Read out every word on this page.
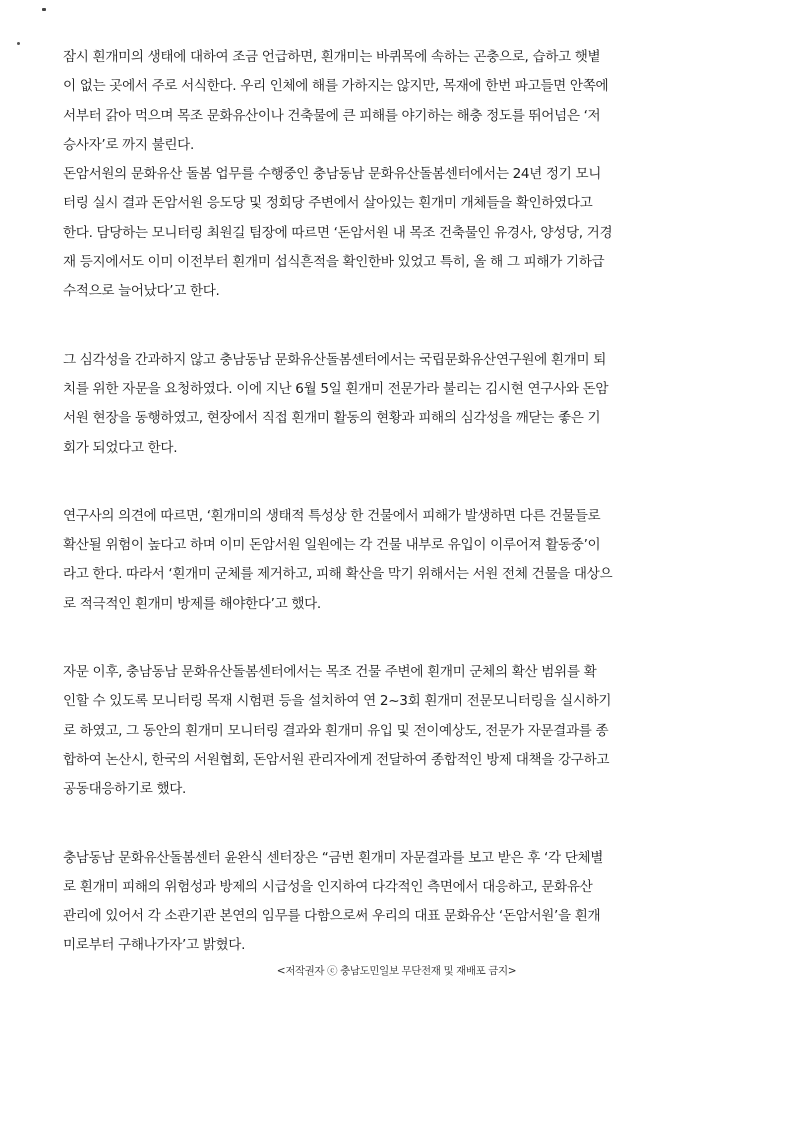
잠시 흰개미의 생태에 대하여 조금 언급하면, 흰개미는 바퀴목에 속하는 곤충으로, 습하고 햇볕
이 없는 곳에서 주로 서식한다. 우리 인체에 해를 가하지는 않지만, 목재에 한번 파고들면 안쪽에
서부터 갉아 먹으며 목조 문화유산이나 건축물에 큰 피해를 야기하는 해충 정도를 뛰어넘은 ‘저
승사자’로 까지 불린다.
돈암서원의 문화유산 돌봄 업무를 수행중인 충남동남 문화유산돌봄센터에서는 24년 정기 모니
터링 실시 결과 돈암서원 응도당 및 정회당 주변에서 살아있는 흰개미 개체들을 확인하였다고
한다. 담당하는 모니터링 최원길 팀장에 따르면 ‘돈암서원 내 목조 건축물인 유경사, 양성당, 거경
재 등지에서도 이미 이전부터 흰개미 섭식흔적을 확인한바 있었고 특히, 올 해 그 피해가 기하급
수적으로 늘어났다’고 한다.

그 심각성을 간과하지 않고 충남동남 문화유산돌봄센터에서는 국립문화유산연구원에 흰개미 퇴
치를 위한 자문을 요청하였다. 이에 지난 6월 5일 흰개미 전문가라 불리는 김시현 연구사와 돈암
서원 현장을 동행하였고, 현장에서 직접 흰개미 활동의 현황과 피해의 심각성을 깨닫는 좋은 기
회가 되었다고 한다.

연구사의 의견에 따르면, ‘흰개미의 생태적 특성상 한 건물에서 피해가 발생하면 다른 건물들로
확산될 위험이 높다고 하며 이미 돈암서원 일원에는 각 건물 내부로 유입이 이루어져 활동중’이
라고 한다. 따라서 ‘흰개미 군체를 제거하고, 피해 확산을 막기 위해서는 서원 전체 건물을 대상으
로 적극적인 흰개미 방제를 해야한다’고 했다.

자문 이후, 충남동남 문화유산돌봄센터에서는 목조 건물 주변에 흰개미 군체의 확산 범위를 확
인할 수 있도록 모니터링 목재 시험편 등을 설치하여 연 2~3회 흰개미 전문모니터링을 실시하기
로 하였고, 그 동안의 흰개미 모니터링 결과와 흰개미 유입 및 전이예상도, 전문가 자문결과를 종
합하여 논산시, 한국의 서원협회, 돈암서원 관리자에게 전달하여 종합적인 방제 대책을 강구하고
공동대응하기로 했다.

충남동남 문화유산돌봄센터 윤완식 센터장은 “금번 흰개미 자문결과를 보고 받은 후 ‘각 단체별
로 흰개미 피해의 위험성과 방제의 시급성을 인지하여 다각적인 측면에서 대응하고, 문화유산
관리에 있어서 각 소관기관 본연의 임무를 다함으로써 우리의 대표 문화유산 ‘돈암서원’을 흰개
미로부터 구해나가자’고 밝혔다.

<저작권자 ⓒ 충남도민일보 무단전재 및 재배포 금지>
